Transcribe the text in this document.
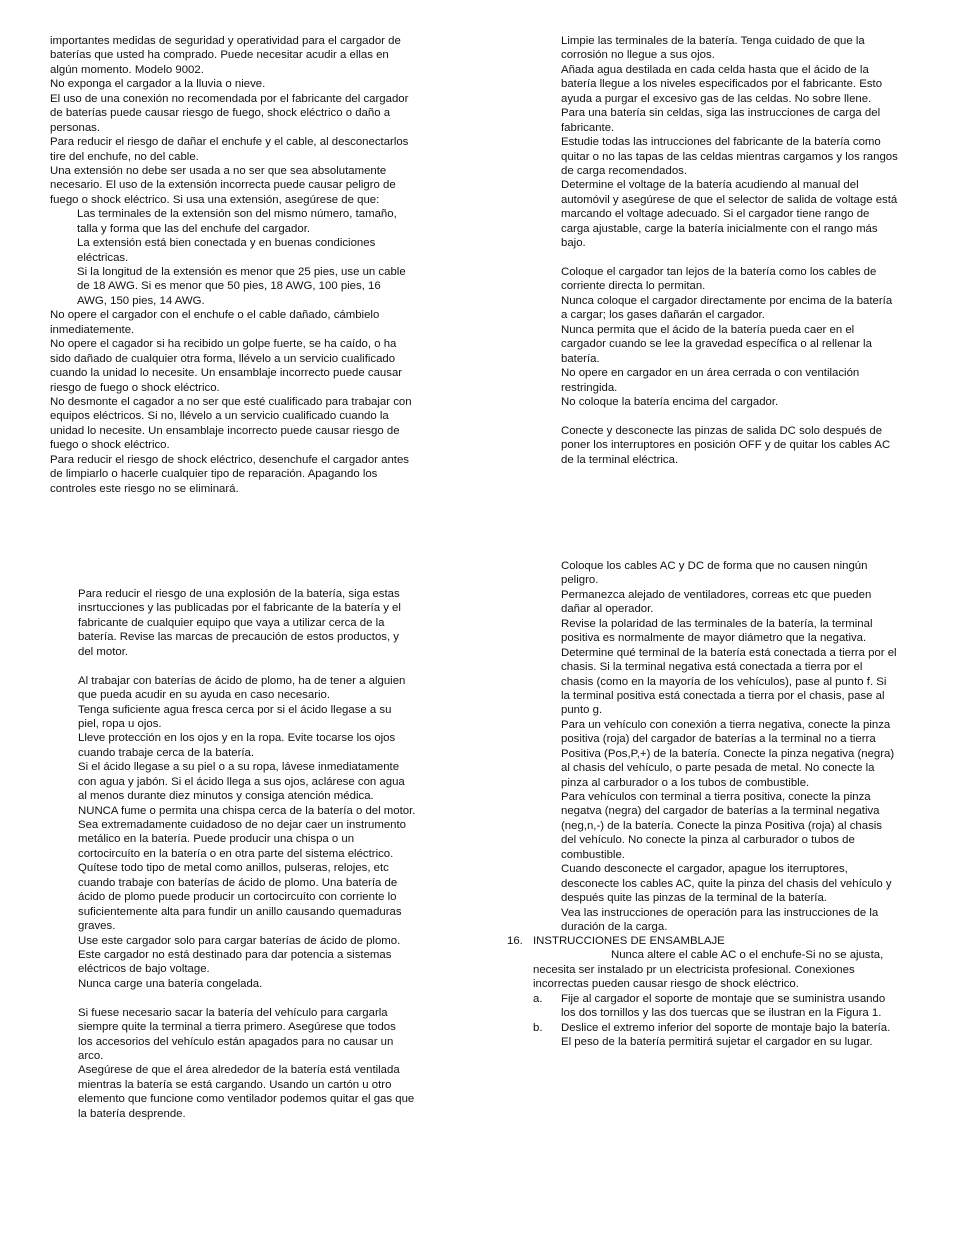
importantes medidas de seguridad y operatividad para el cargador de
baterías que usted ha comprado. Puede necesitar acudir a ellas en
algún momento. Modelo 9002.
No exponga el cargador a la lluvia o nieve.
El uso de una conexión no recomendada por el fabricante del cargador
de baterías puede causar riesgo de fuego, shock eléctrico o daño a
personas.
Para reducir el riesgo de dañar el enchufe y el cable, al desconectarlos
tire del enchufe, no del cable.
Una extensión no debe ser usada a no ser que sea absolutamente
necesario. El uso de la extensión incorrecta puede causar peligro de
fuego o shock eléctrico. Si usa una extensión, asegúrese de que:
Las terminales de la extensión son del mismo número, tamaño,
talla y forma que las del enchufe del cargador.
La extensión está bien conectada y en buenas condiciones
eléctricas.
Si la longitud de la extensión es menor que 25 pies, use un cable
de 18 AWG. Si es menor que 50 pies, 18 AWG, 100 pies, 16
AWG, 150 pies, 14 AWG.
No opere el cargador con el enchufe o el cable dañado, cámbielo
inmediatemente.
No opere el cagador si ha recibido un golpe fuerte, se ha caído, o ha
sido dañado de cualquier otra forma, llévelo a un servicio cualificado
cuando la unidad lo necesite. Un ensamblaje incorrecto puede causar
riesgo de fuego o shock eléctrico.
No desmonte el cagador a no ser que esté cualificado para trabajar con
equipos eléctricos. Si no, llévelo a un servicio cualificado cuando la
unidad lo necesite. Un ensamblaje incorrecto puede causar riesgo de
fuego o shock eléctrico.
Para reducir el riesgo de shock eléctrico, desenchufe el cargador antes
de limpiarlo o hacerle cualquier tipo de reparación. Apagando los
controles este riesgo no se eliminará.
Limpie las terminales de la batería. Tenga cuidado de que la
corrosión no llegue a sus ojos.
Añada agua destilada en cada celda hasta que el ácido de la
batería llegue a los niveles especificados por el fabricante. Esto
ayuda a purgar el excesivo gas de las celdas. No sobre llene.
Para una batería sin celdas, siga las instrucciones de carga del
fabricante.
Estudie todas las intrucciones del fabricante de la batería como
quitar o no las tapas de las celdas mientras cargamos y los rangos
de carga recomendados.
Determine el voltage de la batería acudiendo al manual del
automóvil y asegúrese de que el selector de salida de voltage está
marcando el voltage adecuado. Si el cargador tiene rango de
carga ajustable, carge la batería inicialmente con el rango más
bajo.
Coloque el cargador tan lejos de la batería como los cables de
corriente directa lo permitan.
Nunca coloque el cargador directamente por encima de la batería
a cargar; los gases dañarán el cargador.
Nunca permita que el ácido de la batería pueda caer en el
cargador cuando se lee la gravedad específica o al rellenar la
batería.
No opere en cargador en un área cerrada o con ventilación
restringida.
No coloque la batería encima del cargador.
Conecte y desconecte las pinzas de salida DC solo después de
poner los interruptores en posición OFF y de quitar los cables AC
de la terminal eléctrica.
Para reducir el riesgo de una explosión de la batería, siga estas
insrtucciones y las publicadas por el fabricante de la batería y el
fabricante de cualquier equipo que vaya a utilizar cerca de la
batería. Revise las marcas de precaución de estos productos, y
del motor.
Al trabajar con baterías de ácido de plomo, ha de tener a alguien
que pueda acudir en su ayuda en caso necesario.
Tenga suficiente agua fresca cerca por si el ácido llegase a su
piel, ropa u ojos.
Lleve protección en los ojos y en la ropa. Evite tocarse los ojos
cuando trabaje cerca de la batería.
Si el ácido llegase a su piel o a su ropa, lávese inmediatamente
con agua y jabón. Si el ácido llega a sus ojos, aclárese con agua
al menos durante diez minutos y consiga atención médica.
NUNCA fume o permita una chispa cerca de la batería o del motor.
Sea extremadamente cuidadoso de no dejar caer un instrumento
metálico en la batería. Puede producir una chispa o un
cortocircuíto en la batería o en otra parte del sistema eléctrico.
Quítese todo tipo de metal como anillos, pulseras, relojes, etc
cuando trabaje con baterías de ácido de plomo. Una batería de
ácido de plomo puede producir un cortocircuíto con corriente lo
suficientemente alta para fundir un anillo causando quemaduras
graves.
Use este cargador solo para cargar baterías de ácido de plomo.
Este cargador no está destinado para dar potencia a sistemas
eléctricos de bajo voltage.
Nunca carge una batería congelada.
Si fuese necesario sacar la batería del vehículo para cargarla
siempre quite la terminal a tierra primero. Asegúrese que todos
los accesorios del vehículo están apagados para no causar un
arco.
Asegúrese de que el área alrededor de la batería está ventilada
mientras la batería se está cargando. Usando un cartón u otro
elemento que funcione como ventilador podemos quitar el gas que
la batería desprende.
Coloque los cables AC y DC de forma que no causen ningún
peligro.
Permanezca alejado de ventiladores, correas etc que pueden
dañar al operador.
Revise la polaridad de las terminales de la batería, la terminal
positiva es normalmente de mayor diámetro que la negativa.
Determine qué terminal de la batería está conectada a tierra por el
chasis. Si la terminal negativa está conectada a tierra por el
chasis (como en la mayoría de los vehículos), pase al punto f. Si
la terminal positiva está conectada a tierra por el chasis, pase al
punto g.
Para un vehículo con conexión a tierra negativa, conecte la pinza
positiva (roja) del cargador de baterías a la terminal no a tierra
Positiva (Pos,P,+) de la batería. Conecte la pinza negativa (negra)
al chasis del vehículo, o parte pesada de metal. No conecte la
pinza al carburador o a los tubos de combustible.
Para vehículos con terminal a tierra positiva, conecte la pinza
negatva (negra) del cargador de baterías a la terminal negativa
(neg,n,-) de la batería. Conecte la pinza Positiva (roja) al chasis
del vehículo. No conecte la pinza al carburador o tubos de
combustible.
Cuando desconecte el cargador, apague los iterruptores,
desconecte los cables AC, quite la pinza del chasis del vehículo y
después quite las pinzas de la terminal de la batería.
Vea las instrucciones de operación para las instrucciones de la
duración de la carga.
16. INSTRUCCIONES DE ENSAMBLAJE
Nunca altere el cable AC o el enchufe-Si no se ajusta,
necesita ser instalado pr un electricista profesional. Conexiones
incorrectas pueden causar riesgo de shock eléctrico.
a. Fije al cargador el soporte de montaje que se suministra usando
los dos tornillos y las dos tuercas que se ilustran en la Figura 1.
b. Deslice el extremo inferior del soporte de montaje bajo la batería.
El peso de la batería permitirá sujetar el cargador en su lugar.
